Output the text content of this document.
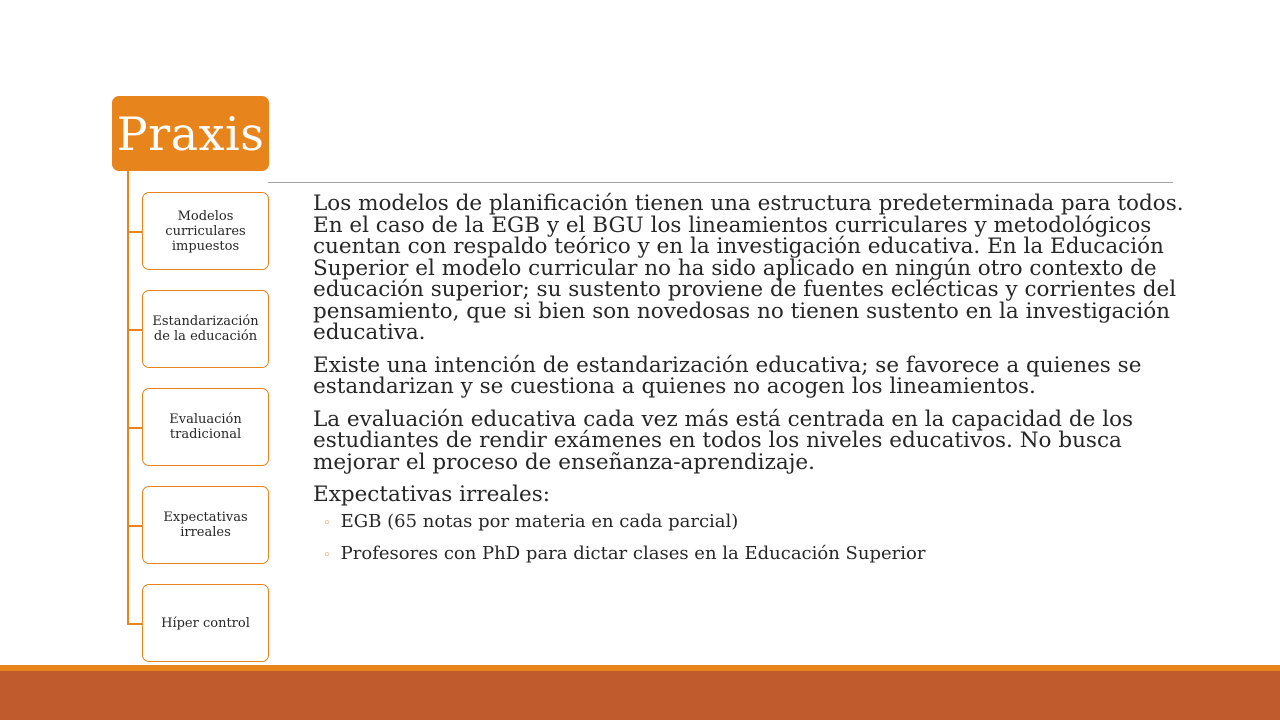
Praxis
Modelos curriculares impuestos
Estandarización de la educación
Evaluación tradicional
Expectativas irreales
Híper control

Los modelos de planificación tienen una estructura predeterminada para todos. En el caso de la EGB y el BGU los lineamientos curriculares y metodológicos cuentan con respaldo teórico y en la investigación educativa. En la Educación Superior el modelo curricular no ha sido aplicado en ningún otro contexto de educación superior; su sustento proviene de fuentes eclécticas y corrientes del pensamiento, que si bien son novedosas no tienen sustento en la investigación educativa.

Existe una intención de estandarización educativa; se favorece a quienes se estandarizan y se cuestiona a quienes no acogen los lineamientos.

La evaluación educativa cada vez más está centrada en la capacidad de los estudiantes de rendir exámenes en todos los niveles educativos. No busca mejorar el proceso de enseñanza-aprendizaje.

Expectativas irreales:

◦ EGB (65 notas por materia en cada parcial)
◦ Profesores con PhD para dictar clases en la Educación Superior
